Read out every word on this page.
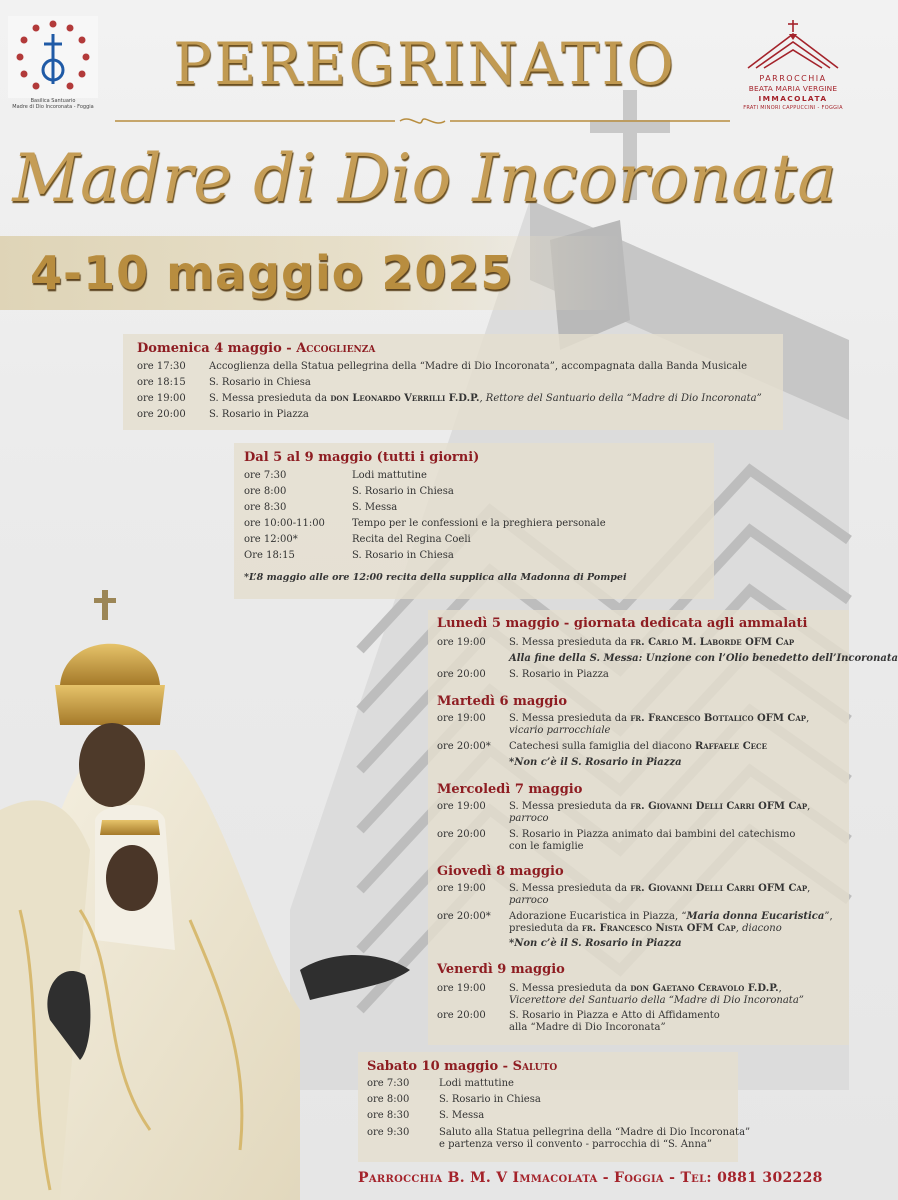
Basilica Santuario
Madre di Dio Incoronata - Foggia
PARROCCHIA
BEATA MARIA VERGINE
IMMACOLATA
FRATI MINORI CAPPUCCINI - FOGGIA
PEREGRINATIO
Madre di Dio Incoronata
4-10 maggio 2025
Domenica 4 maggio - Accoglienza
ore 17:30 Accoglienza della Statua pellegrina della “Madre di Dio Incoronata”, accompagnata dalla Banda Musicale
ore 18:15 S. Rosario in Chiesa
ore 19:00 S. Messa presieduta da don Leonardo Verrilli F.D.P., Rettore del Santuario della “Madre di Dio Incoronata”
ore 20:00 S. Rosario in Piazza
Dal 5 al 9 maggio (tutti i giorni)
ore 7:30	Lodi mattutine
ore 8:00	S. Rosario in Chiesa
ore 8:30	S. Messa
ore 10:00-11:00	Tempo per le confessioni e la preghiera personale
ore 12:00*	Recita del Regina Coeli
Ore 18:15	S. Rosario in Chiesa
*L’8 maggio alle ore 12:00 recita della supplica alla Madonna di Pompei
Lunedì 5 maggio - giornata dedicata agli ammalati
ore 19:00 S. Messa presieduta da fr. Carlo M. Laborde OFM Cap
Alla fine della S. Messa: Unzione con l’Olio benedetto dell’Incoronata
ore 20:00 S. Rosario in Piazza
Martedì 6 maggio
ore 19:00 S. Messa presieduta da fr. Francesco Bottalico OFM Cap,
vicario parrocchiale
ore 20:00* Catechesi sulla famiglia del diacono Raffaele Cece
*Non c’è il S. Rosario in Piazza
Mercoledì 7 maggio
ore 19:00 S. Messa presieduta da fr. Giovanni Delli Carri OFM Cap,
parroco
ore 20:00 S. Rosario in Piazza animato dai bambini del catechismo
con le famiglie
Giovedì 8 maggio
ore 19:00 S. Messa presieduta da fr. Giovanni Delli Carri OFM Cap,
parroco
ore 20:00* Adorazione Eucaristica in Piazza, “Maria donna Eucaristica”,
presieduta da fr. Francesco Nista OFM Cap, diacono
*Non c’è il S. Rosario in Piazza
Venerdì 9 maggio
ore 19:00 S. Messa presieduta da don Gaetano Ceravolo F.D.P.,
Vicerettore del Santuario della “Madre di Dio Incoronata”
ore 20:00 S. Rosario in Piazza e Atto di Affidamento
alla “Madre di Dio Incoronata”
Sabato 10 maggio - Saluto
ore 7:30	Lodi mattutine
ore 8:00	S. Rosario in Chiesa
ore 8:30	S. Messa
ore 9:30	Saluto alla Statua pellegrina della “Madre di Dio Incoronata”
e partenza verso il convento - parrocchia di “S. Anna”
Parrocchia B. M. V Immacolata - Foggia - Tel: 0881 302228
